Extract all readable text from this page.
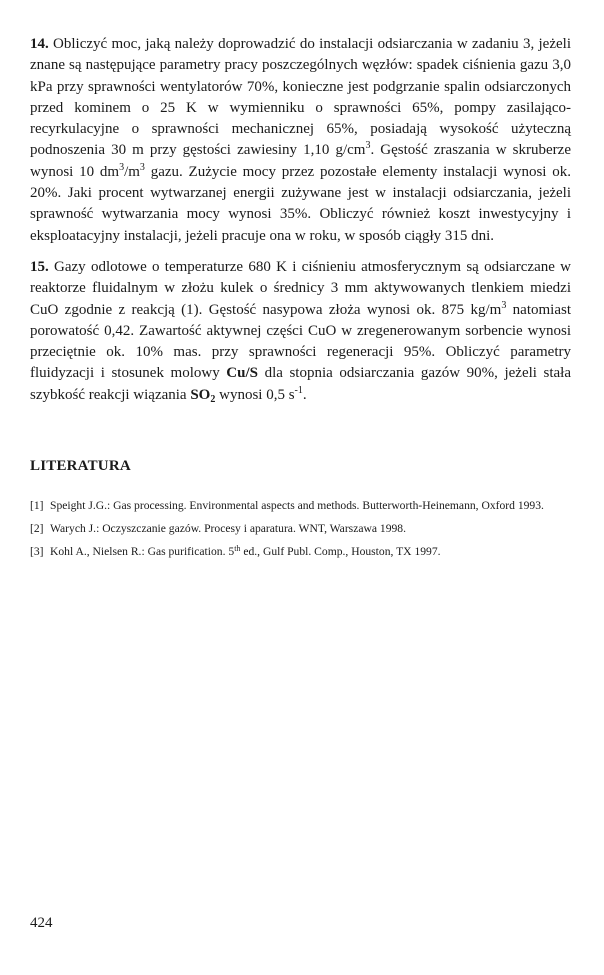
14. Obliczyć moc, jaką należy doprowadzić do instalacji odsiarczania w zadaniu 3, jeżeli znane są następujące parametry pracy poszczególnych węzłów: spadek ciśnienia gazu 3,0 kPa przy sprawności wentylatorów 70%, konieczne jest podgrzanie spalin odsiarczonych przed kominem o 25 K w wymienniku o sprawności 65%, pompy zasilająco-recyrkulacyjne o sprawności mechanicznej 65%, posiadają wysokość użyteczną podnoszenia 30 m przy gęstości zawiesiny 1,10 $g/cm^3$. Gęstość zraszania w skruberze wynosi 10 $dm^3/m^3$ gazu. Zużycie mocy przez pozostałe elementy instalacji wynosi ok. 20%. Jaki procent wytwarzanej energii zużywane jest w instalacji odsiarczania, jeżeli sprawność wytwarzania mocy wynosi 35%. Obliczyć również koszt inwestycyjny i eksploatacyjny instalacji, jeżeli pracuje ona w roku, w sposób ciągły 315 dni.

15. Gazy odlotowe o temperaturze 680 K i ciśnieniu atmosferycznym są odsiarczane w reaktorze fluidalnym w złożu kulek o średnicy 3 mm aktywowanych tlenkiem miedzi CuO zgodnie z reakcją (1). Gęstość nasypowa złoża wynosi ok. 875 $kg/m^3$ natomiast porowatość 0,42. Zawartość aktywnej części CuO w zregenerowanym sorbencie wynosi przeciętnie ok. 10% mas. przy sprawności regeneracji 95%. Obliczyć parametry fluidyzacji i stosunek molowy Cu/S dla stopnia odsiarczania gazów 90%, jeżeli stała szybkość reakcji wiązania $SO_2$ wynosi 0,5 $s^{-1}$.

LITERATURA
[1] Speight J.G.: Gas processing. Environmental aspects and methods. Butterworth-Heinemann, Oxford 1993.
[2] Warych J.: Oczyszczanie gazów. Procesy i aparatura. WNT, Warszawa 1998.
[3] Kohl A., Nielsen R.: Gas purification. 5th ed., Gulf Publ. Comp., Houston, TX 1997.

424
